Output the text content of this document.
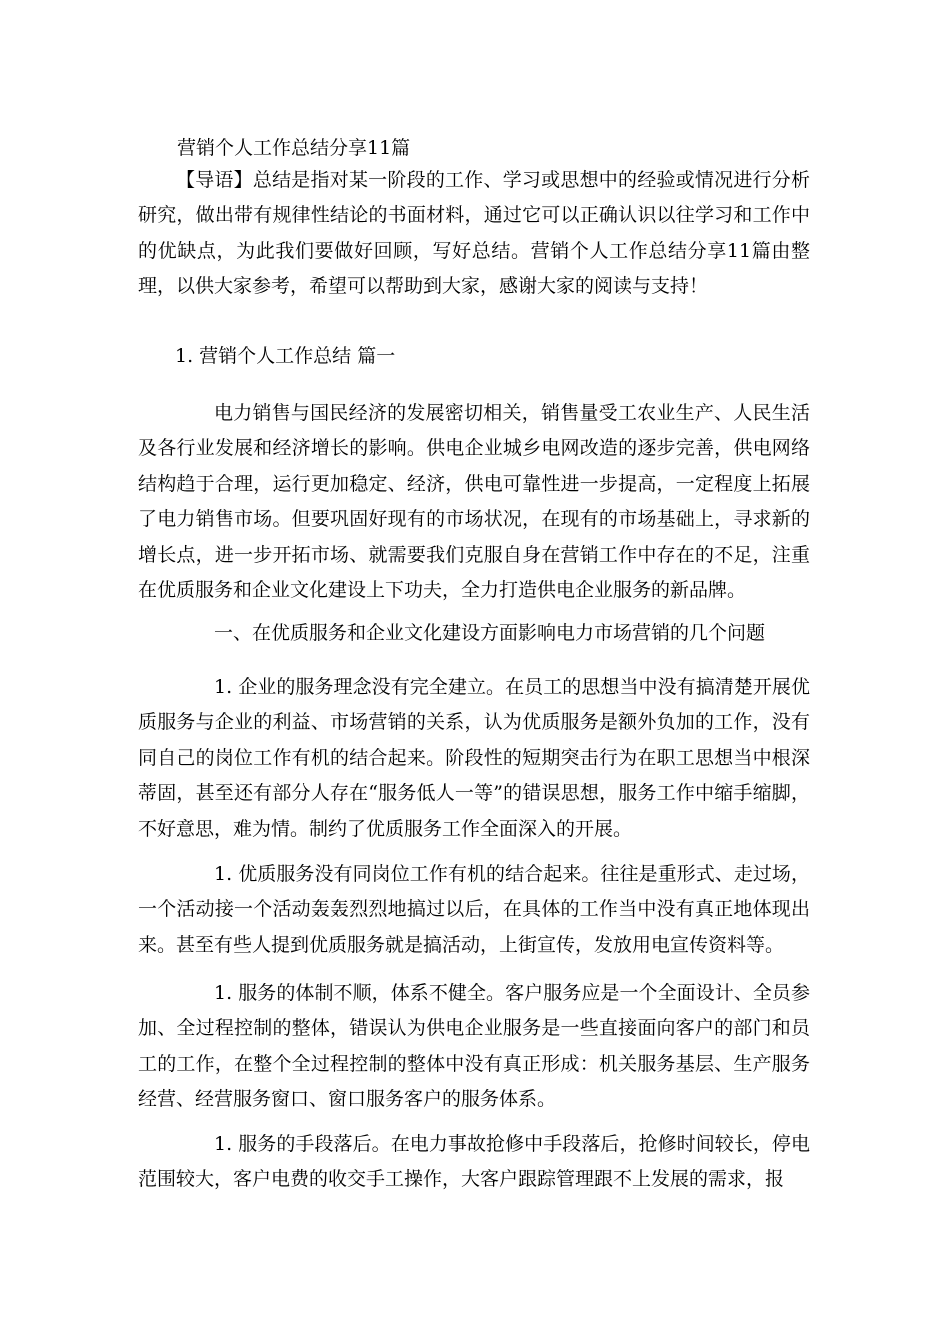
营销个人工作总结分享11篇

【导语】总结是指对某一阶段的工作、学习或思想中的经验或情况进行分析研究，做出带有规律性结论的书面材料，通过它可以正确认识以往学习和工作中的优缺点，为此我们要做好回顾，写好总结。营销个人工作总结分享11篇由整理，以供大家参考，希望可以帮助到大家，感谢大家的阅读与支持！

1. 营销个人工作总结 篇一

电力销售与国民经济的发展密切相关，销售量受工农业生产、人民生活及各行业发展和经济增长的影响。供电企业城乡电网改造的逐步完善，供电网络结构趋于合理，运行更加稳定、经济，供电可靠性进一步提高，一定程度上拓展了电力销售市场。但要巩固好现有的市场状况，在现有的市场基础上，寻求新的增长点，进一步开拓市场、就需要我们克服自身在营销工作中存在的不足，注重在优质服务和企业文化建设上下功夫，全力打造供电企业服务的新品牌。

一、在优质服务和企业文化建设方面影响电力市场营销的几个问题

1. 企业的服务理念没有完全建立。在员工的思想当中没有搞清楚开展优质服务与企业的利益、市场营销的关系，认为优质服务是额外负加的工作，没有同自己的岗位工作有机的结合起来。阶段性的短期突击行为在职工思想当中根深蒂固，甚至还有部分人存在“服务低人一等”的错误思想，服务工作中缩手缩脚，不好意思，难为情。制约了优质服务工作全面深入的开展。

1. 优质服务没有同岗位工作有机的结合起来。往往是重形式、走过场，一个活动接一个活动轰轰烈烈地搞过以后，在具体的工作当中没有真正地体现出来。甚至有些人提到优质服务就是搞活动，上街宣传，发放用电宣传资料等。

1. 服务的体制不顺，体系不健全。客户服务应是一个全面设计、全员参加、全过程控制的整体，错误认为供电企业服务是一些直接面向客户的部门和员工的工作，在整个全过程控制的整体中没有真正形成：机关服务基层、生产服务经营、经营服务窗口、窗口服务客户的服务体系。

1. 服务的手段落后。在电力事故抢修中手段落后，抢修时间较长，停电范围较大，客户电费的收交手工操作，大客户跟踪管理跟不上发展的需求，报
